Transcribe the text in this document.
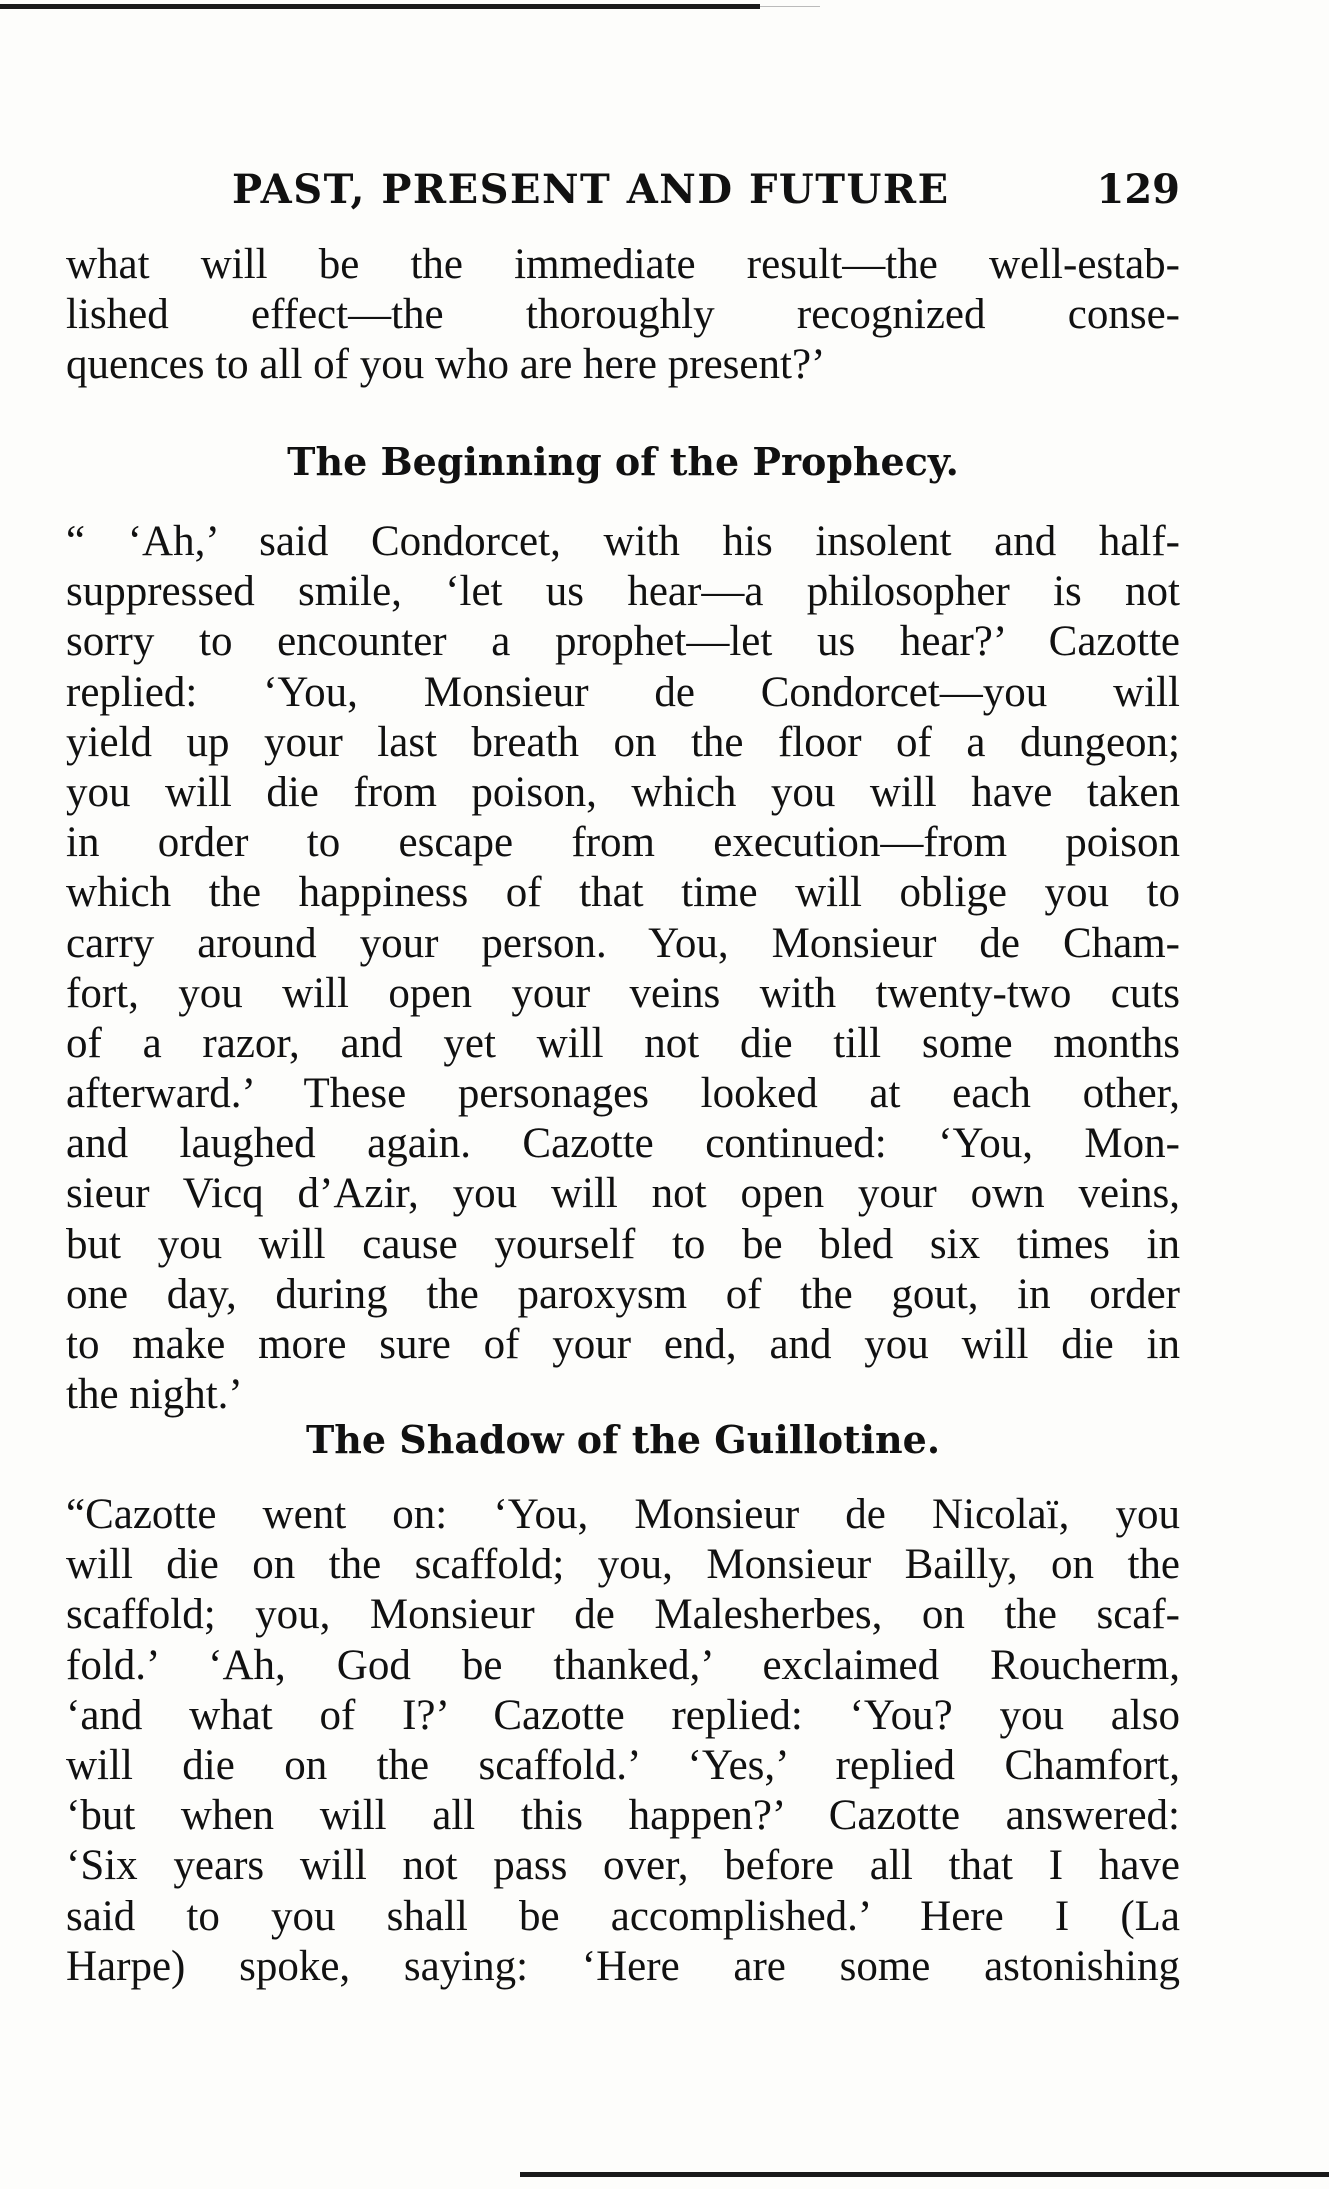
PAST, PRESENT AND FUTURE	129
what will be the immediate result—the well-estab-
lished effect—the thoroughly recognized conse-
quences to all of you who are here present?’
The Beginning of the Prophecy.
“ ‘Ah,’ said Condorcet, with his insolent and half-
suppressed smile, ‘let us hear—a philosopher is not
sorry to encounter a prophet—let us hear?’ Cazotte
replied: ‘You, Monsieur de Condorcet—you will
yield up your last breath on the floor of a dungeon;
you will die from poison, which you will have taken
in order to escape from execution—from poison
which the happiness of that time will oblige you to
carry around your person. You, Monsieur de Cham-
fort, you will open your veins with twenty-two cuts
of a razor, and yet will not die till some months
afterward.’ These personages looked at each other,
and laughed again. Cazotte continued: ‘You, Mon-
sieur Vicq d’Azir, you will not open your own veins,
but you will cause yourself to be bled six times in
one day, during the paroxysm of the gout, in order
to make more sure of your end, and you will die in
the night.’
The Shadow of the Guillotine.
“Cazotte went on: ‘You, Monsieur de Nicolaï, you
will die on the scaffold; you, Monsieur Bailly, on the
scaffold; you, Monsieur de Malesherbes, on the scaf-
fold.’ ‘Ah, God be thanked,’ exclaimed Roucherm,
‘and what of I?’ Cazotte replied: ‘You? you also
will die on the scaffold.’ ‘Yes,’ replied Chamfort,
‘but when will all this happen?’ Cazotte answered:
‘Six years will not pass over, before all that I have
said to you shall be accomplished.’ Here I (La
Harpe) spoke, saying: ‘Here are some astonishing
